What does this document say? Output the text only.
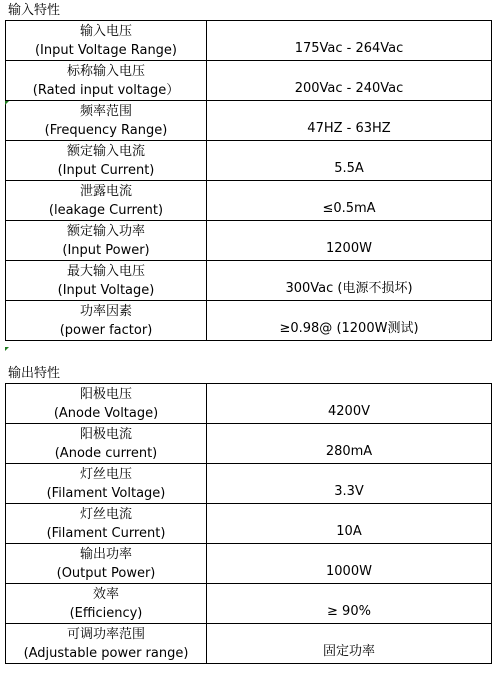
输入特性
输入电压
(Input Voltage Range)	175Vac - 264Vac

标称输入电压
(Rated input voltage）	200Vac - 240Vac

频率范围
(Frequency Range)	47HZ - 63HZ

额定输入电流
(Input Current)	5.5A

泄露电流
(leakage Current)	≤0.5mA

额定输入功率
(Input Power)	1200W

最大输入电压
(Input Voltage)	300Vac (电源不损坏)

功率因素
(power factor)	≥0.98@ (1200W测试)
输出特性
阳极电压
(Anode Voltage)	4200V

阳极电流
(Anode current)	280mA

灯丝电压
(Filament Voltage)	3.3V

灯丝电流
(Filament Current)	10A

输出功率
(Output Power)	1000W

效率
(Efficiency)	≥ 90%

可调功率范围
(Adjustable power range)	固定功率
